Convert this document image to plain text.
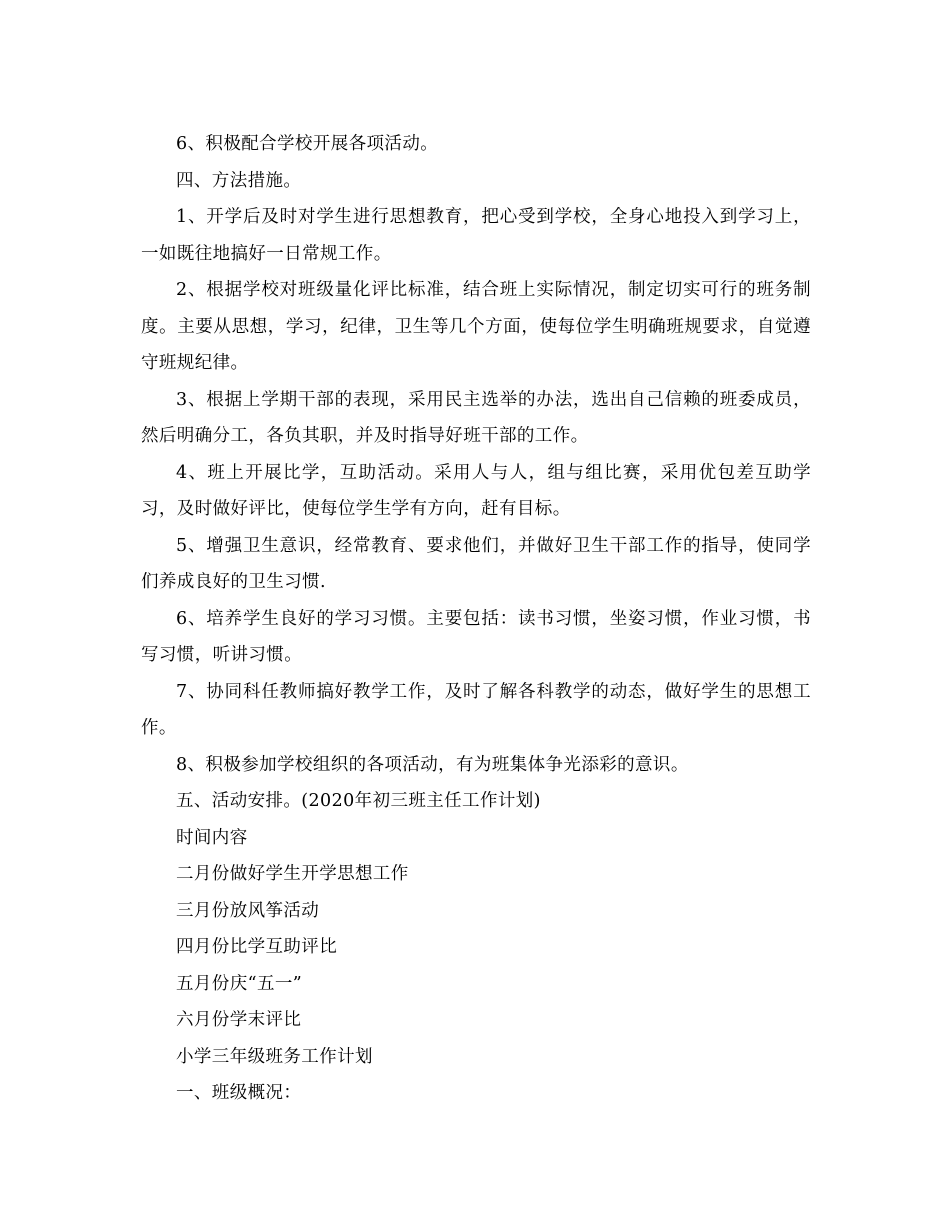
6、积极配合学校开展各项活动。

四、方法措施。

1、开学后及时对学生进行思想教育，把心受到学校，全身心地投入到学习上，一如既往地搞好一日常规工作。

2、根据学校对班级量化评比标准，结合班上实际情况，制定切实可行的班务制度。主要从思想，学习，纪律，卫生等几个方面，使每位学生明确班规要求，自觉遵守班规纪律。

3、根据上学期干部的表现，采用民主选举的办法，选出自己信赖的班委成员，然后明确分工，各负其职，并及时指导好班干部的工作。

4、班上开展比学，互助活动。采用人与人，组与组比赛，采用优包差互助学习，及时做好评比，使每位学生学有方向，赶有目标。

5、增强卫生意识，经常教育、要求他们，并做好卫生干部工作的指导，使同学们养成良好的卫生习惯.

6、培养学生良好的学习习惯。主要包括：读书习惯，坐姿习惯，作业习惯，书写习惯，听讲习惯。

7、协同科任教师搞好教学工作，及时了解各科教学的动态，做好学生的思想工作。

8、积极参加学校组织的各项活动，有为班集体争光添彩的意识。

五、活动安排。(2020年初三班主任工作计划)

时间内容

二月份做好学生开学思想工作

三月份放风筝活动

四月份比学互助评比

五月份庆“五一”

六月份学末评比

小学三年级班务工作计划

一、班级概况：
